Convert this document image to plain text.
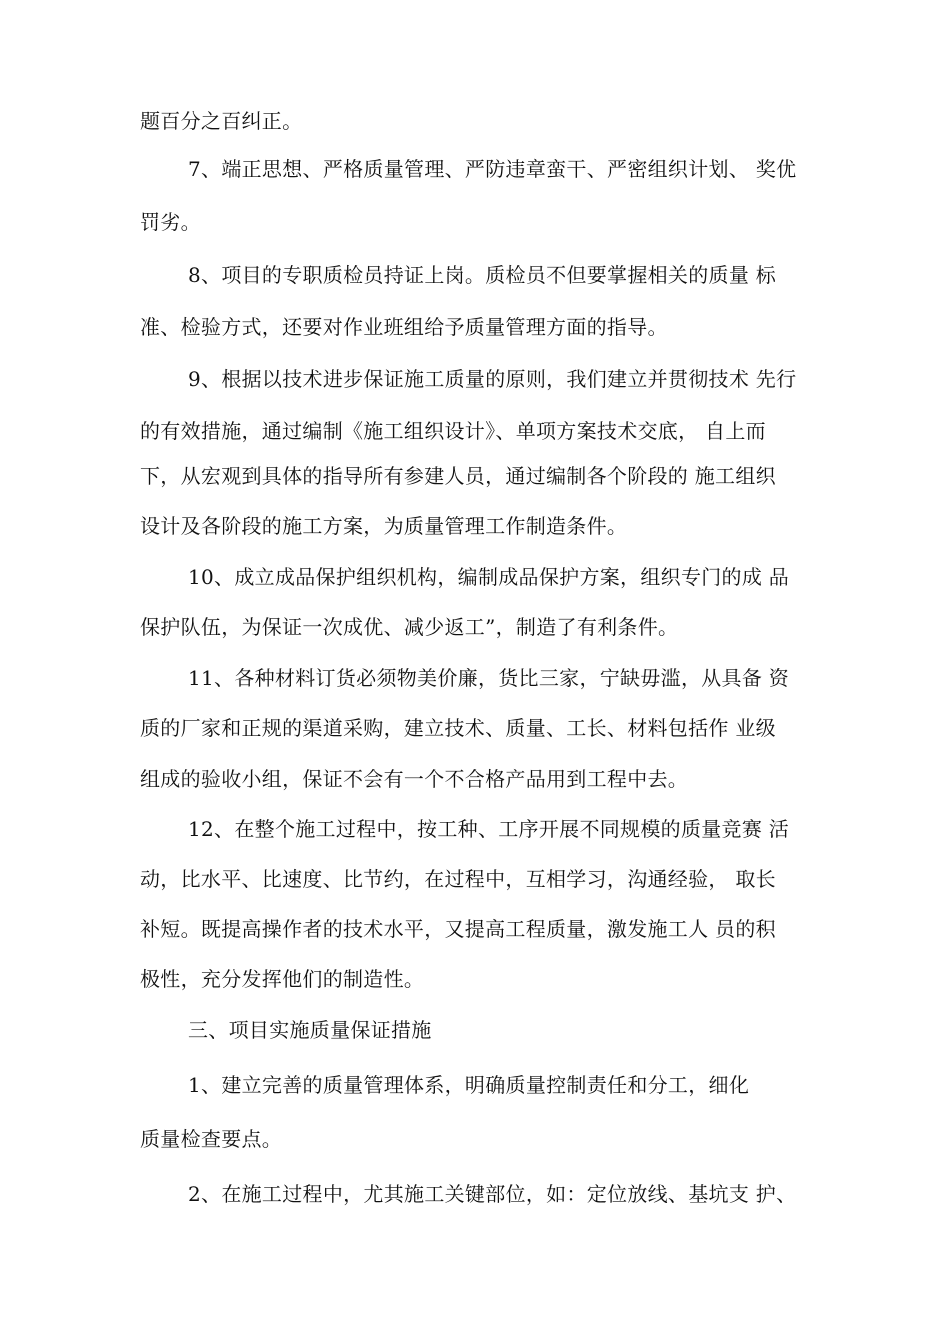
题百分之百纠正。
7、端正思想、严格质量管理、严防违章蛮干、严密组织计划、 奖优
罚劣。
8、项目的专职质检员持证上岗。质检员不但要掌握相关的质量 标
准、检验方式，还要对作业班组给予质量管理方面的指导。
9、根据以技术进步保证施工质量的原则，我们建立并贯彻技术 先行
的有效措施，通过编制《施工组织设计》、单项方案技术交底， 自上而
下，从宏观到具体的指导所有参建人员，通过编制各个阶段的 施工组织
设计及各阶段的施工方案，为质量管理工作制造条件。
10、成立成品保护组织机构，编制成品保护方案，组织专门的成 品
保护队伍，为保证一次成优、减少返工”，制造了有利条件。
11、各种材料订货必须物美价廉，货比三家，宁缺毋滥，从具备 资
质的厂家和正规的渠道采购，建立技术、质量、工长、材料包括作 业级
组成的验收小组，保证不会有一个不合格产品用到工程中去。
12、在整个施工过程中，按工种、工序开展不同规模的质量竞赛 活
动，比水平、比速度、比节约，在过程中，互相学习，沟通经验， 取长
补短。既提高操作者的技术水平，又提高工程质量，激发施工人 员的积
极性，充分发挥他们的制造性。
三、项目实施质量保证措施
1、建立完善的质量管理体系，明确质量控制责任和分工，细化
质量检查要点。
2、在施工过程中，尤其施工关键部位，如：定位放线、基坑支 护、
